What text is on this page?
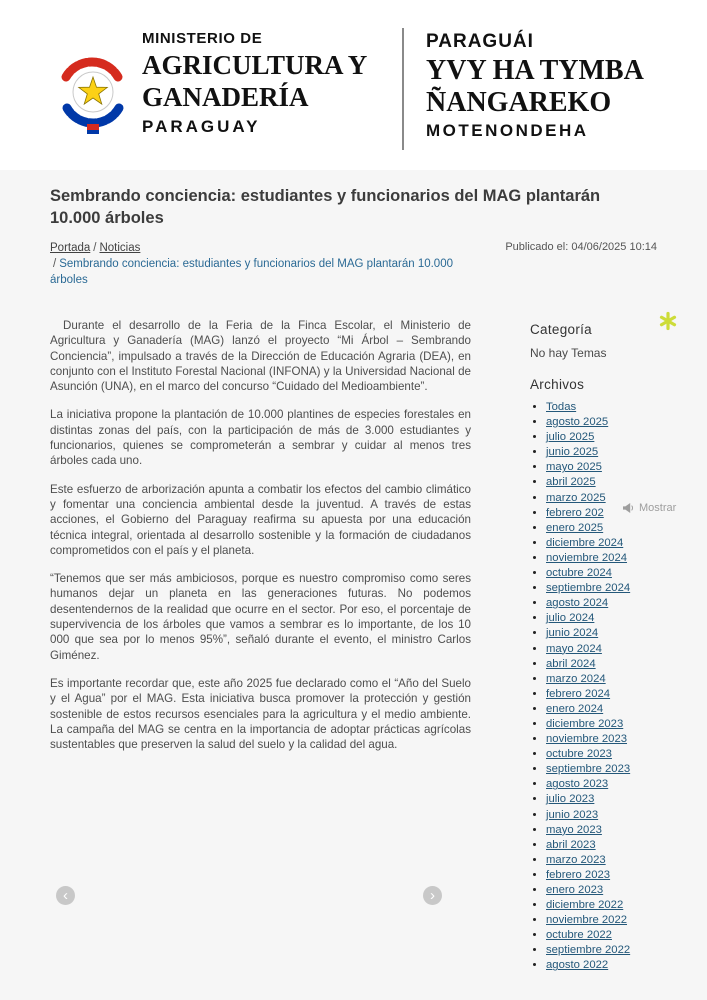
MINISTERIO DE
AGRICULTURA Y
GANADERÍA
PARAGUAY
PARAGUÁI
YVY HA TYMBA
ÑANGAREKO
MOTENONDEHA
Sembrando conciencia: estudiantes y funcionarios del MAG plantarán 10.000 árboles
Portada / Noticias
/ Sembrando conciencia: estudiantes y funcionarios del MAG plantarán 10.000 árboles
Publicado el: 04/06/2025 10:14

Durante el desarrollo de la Feria de la Finca Escolar, el Ministerio de Agricultura y Ganadería (MAG) lanzó el proyecto “Mi Árbol – Sembrando Conciencia”, impulsado a través de la Dirección de Educación Agraria (DEA), en conjunto con el Instituto Forestal Nacional (INFONA) y la Universidad Nacional de Asunción (UNA), en el marco del concurso “Cuidado del Medioambiente”.

La iniciativa propone la plantación de 10.000 plantines de especies forestales en distintas zonas del país, con la participación de más de 3.000 estudiantes y funcionarios, quienes se comprometerán a sembrar y cuidar al menos tres árboles cada uno.

Este esfuerzo de arborización apunta a combatir los efectos del cambio climático y fomentar una conciencia ambiental desde la juventud. A través de estas acciones, el Gobierno del Paraguay reafirma su apuesta por una educación técnica integral, orientada al desarrollo sostenible y la formación de ciudadanos comprometidos con el país y el planeta.

“Tenemos que ser más ambiciosos, porque es nuestro compromiso como seres humanos dejar un planeta en las generaciones futuras. No podemos desentendernos de la realidad que ocurre en el sector. Por eso, el porcentaje de supervivencia de los árboles que vamos a sembrar es lo importante, de los 10 000 que sea por lo menos 95%”, señaló durante el evento, el ministro Carlos Giménez.

Es importante recordar que, este año 2025 fue declarado como el “Año del Suelo y el Agua” por el MAG. Esta iniciativa busca promover la protección y gestión sostenible de estos recursos esenciales para la agricultura y el medio ambiente. La campaña del MAG se centra en la importancia de adoptar prácticas agrícolas sustentables que preserven la salud del suelo y la calidad del agua.

Categoría
No hay Temas
Archivos
• Todas
• agosto 2025
• julio 2025
• junio 2025
• mayo 2025
• abril 2025
• marzo 2025
• febrero 202
• enero 2025
• diciembre 2024
• noviembre 2024
• octubre 2024
• septiembre 2024
• agosto 2024
• julio 2024
• junio 2024
• mayo 2024
• abril 2024
• marzo 2024
• febrero 2024
• enero 2024
• diciembre 2023
• noviembre 2023
• octubre 2023
• septiembre 2023
• agosto 2023
• julio 2023
• junio 2023
• mayo 2023
• abril 2023
• marzo 2023
• febrero 2023
• enero 2023
• diciembre 2022
• noviembre 2022
• octubre 2022
• septiembre 2022
• agosto 2022
Mostrar
‹	›
